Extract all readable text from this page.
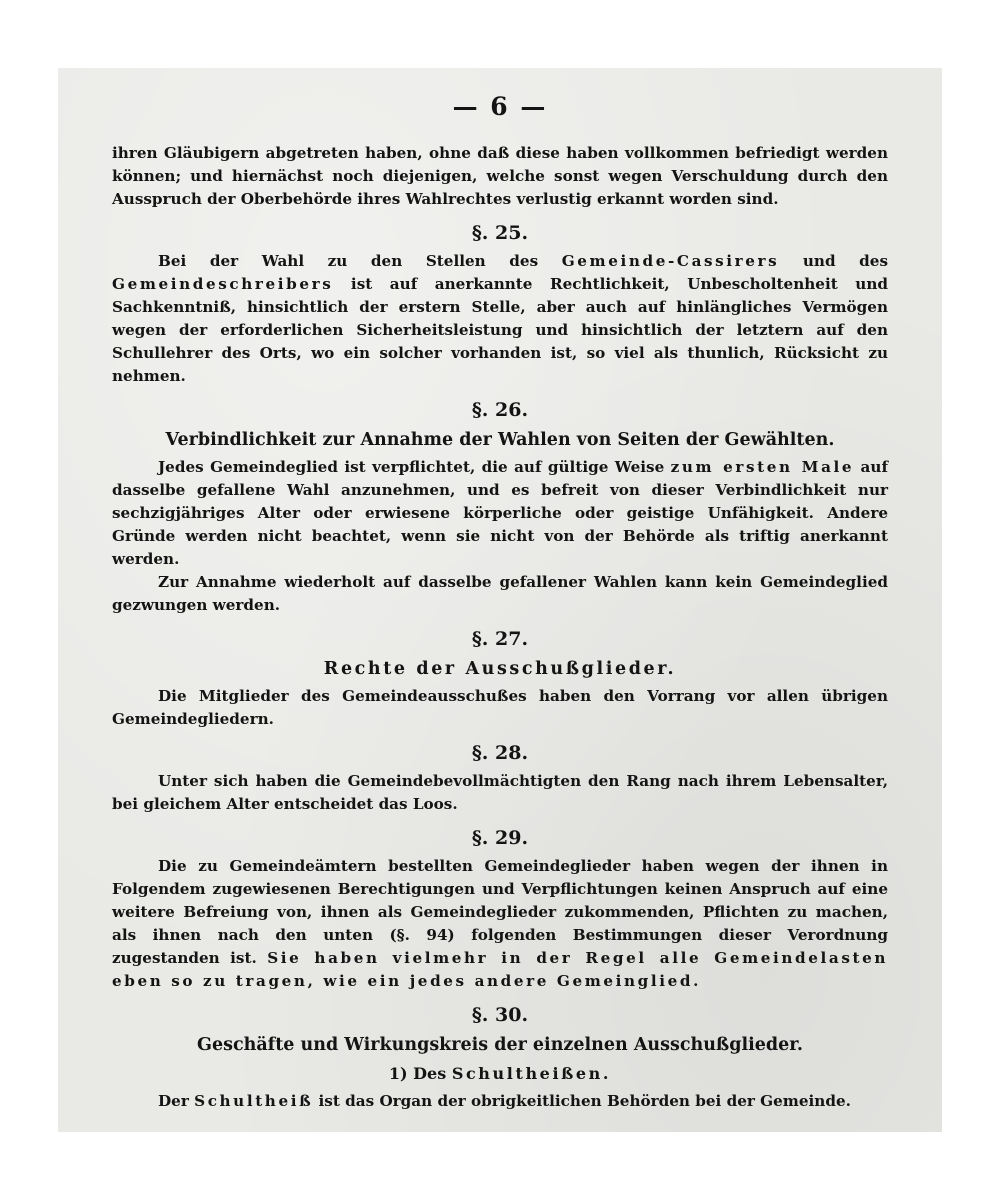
— 6 —

ihren Gläubigern abgetreten haben, ohne daß diese haben vollkommen befriedigt werden können; und hiernächst noch diejenigen, welche sonst wegen Verschuldung durch den Ausspruch der Oberbehörde ihres Wahlrechtes verlustig erkannt worden sind.

§. 25.

Bei der Wahl zu den Stellen des Gemeinde-Cassirers und des Gemeindeschreibers ist auf anerkannte Rechtlichkeit, Unbescholtenheit und Sachkenntniß, hinsichtlich der erstern Stelle, aber auch auf hinlängliches Vermögen wegen der erforderlichen Sicherheitsleistung und hinsichtlich der letztern auf den Schullehrer des Orts, wo ein solcher vorhanden ist, so viel als thunlich, Rücksicht zu nehmen.

§. 26.
Verbindlichkeit zur Annahme der Wahlen von Seiten der Gewählten.

Jedes Gemeindeglied ist verpflichtet, die auf gültige Weise zum ersten Male auf dasselbe gefallene Wahl anzunehmen, und es befreit von dieser Verbindlichkeit nur sechzigjähriges Alter oder erwiesene körperliche oder geistige Unfähigkeit. Andere Gründe werden nicht beachtet, wenn sie nicht von der Behörde als triftig anerkannt werden.

Zur Annahme wiederholt auf dasselbe gefallener Wahlen kann kein Gemeindeglied gezwungen werden.

§. 27.
Rechte der Ausschußglieder.

Die Mitglieder des Gemeindeausschußes haben den Vorrang vor allen übrigen Gemeindegliedern.

§. 28.

Unter sich haben die Gemeindebevollmächtigten den Rang nach ihrem Lebensalter, bei gleichem Alter entscheidet das Loos.

§. 29.

Die zu Gemeindeämtern bestellten Gemeindeglieder haben wegen der ihnen in Folgendem zugewiesenen Berechtigungen und Verpflichtungen keinen Anspruch auf eine weitere Befreiung von, ihnen als Gemeindeglieder zukommenden, Pflichten zu machen, als ihnen nach den unten (§. 94) folgenden Bestimmungen dieser Verordnung zugestanden ist. Sie haben vielmehr in der Regel alle Gemeindelasten eben so zu tragen, wie ein jedes andere Gemeinglied.

§. 30.
Geschäfte und Wirkungskreis der einzelnen Ausschußglieder.
1) Des Schultheißen.

Der Schultheiß ist das Organ der obrigkeitlichen Behörden bei der Gemeinde.
